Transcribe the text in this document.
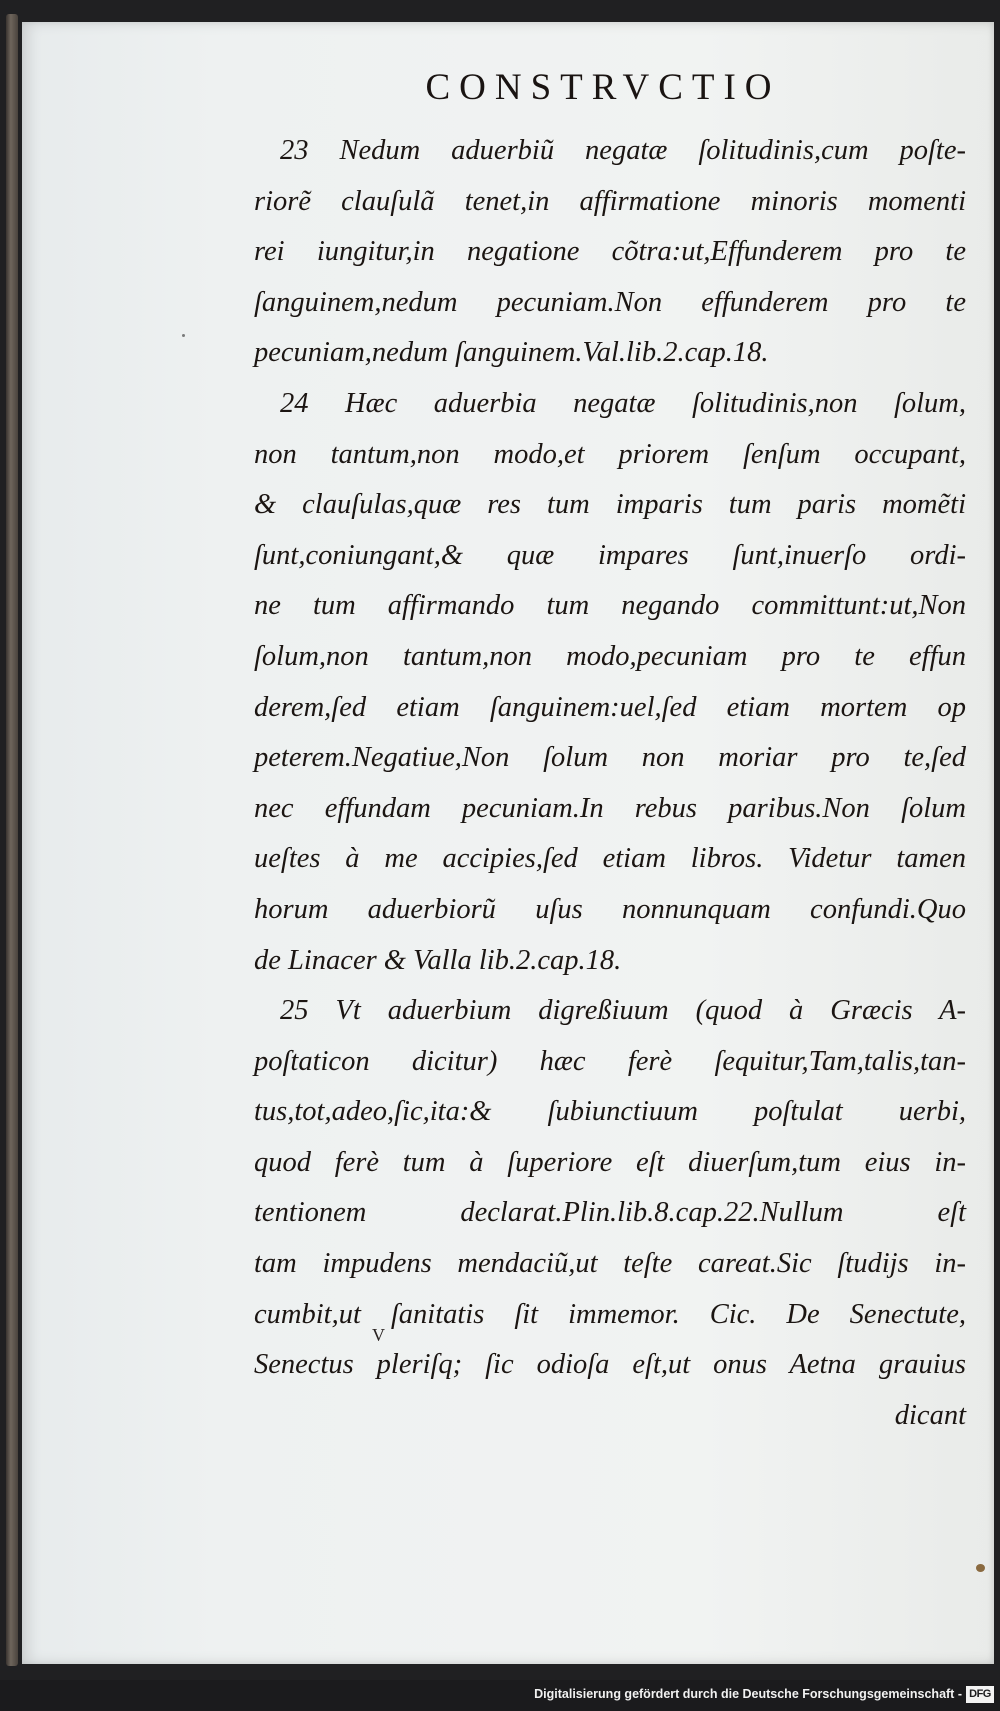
CONSTRVCTIO
23 Nedum aduerbiũ negatæ ſolitudinis,cum poſte-
riorẽ clauſulã tenet,in affirmatione minoris momenti
rei iungitur,in negatione cõtra:ut,Effunderem pro te
ſanguinem,nedum pecuniam.Non effunderem pro te
pecuniam,nedum ſanguinem.Val.lib.2.cap.18.
24 Hæc aduerbia negatæ ſolitudinis,non ſolum,
non tantum,non modo,et priorem ſenſum occupant,
& clauſulas,quæ res tum imparis tum paris momẽti
ſunt,coniungant,& quæ impares ſunt,inuerſo ordi-
ne tum affirmando tum negando committunt:ut,Non
ſolum,non tantum,non modo,pecuniam pro te effun
derem,ſed etiam ſanguinem:uel,ſed etiam mortem op
peterem.Negatiue,Non ſolum non moriar pro te,ſed
nec effundam pecuniam.In rebus paribus.Non ſolum
ueſtes à me accipies,ſed etiam libros. Videtur tamen
horum aduerbiorũ uſus nonnunquam confundi.Quo
de Linacer & Valla lib.2.cap.18.
25 Vt aduerbium digreßiuum (quod à Græcis A-
poſtaticon dicitur) hæc ferè ſequitur,Tam,talis,tan-
tus,tot,adeo,ſic,ita:& ſubiunctiuum poſtulat uerbi,
quod ferè tum à ſuperiore eſt diuerſum,tum eius in-
tentionem declarat.Plin.lib.8.cap.22.Nullum eſt
tam impudens mendaciũ,ut teſte careat.Sic ſtudijs in-
cumbit,ut ſanitatis ſit immemor. Cic. De Senectute,
Senectus pleriſq; ſic odioſa eſt,ut onus Aetna grauius
dicant
V
Digitalisierung gefördert durch die Deutsche Forschungsgemeinschaft - DFG
